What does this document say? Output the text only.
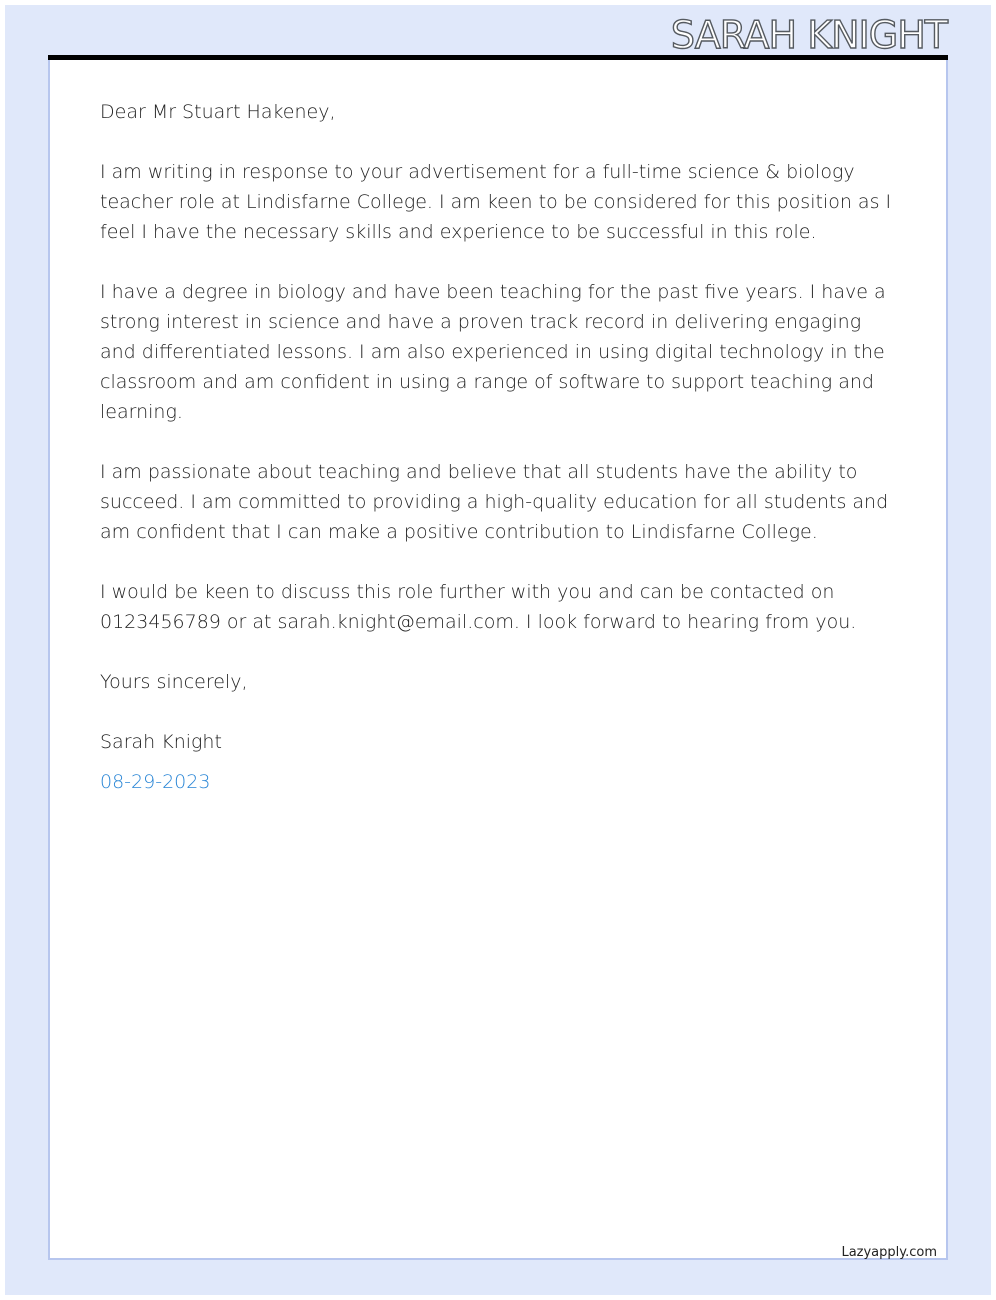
SARAH KNIGHT

Dear Mr Stuart Hakeney,

I am writing in response to your advertisement for a full-time science & biology teacher role at Lindisfarne College. I am keen to be considered for this position as I feel I have the necessary skills and experience to be successful in this role.

I have a degree in biology and have been teaching for the past five years. I have a strong interest in science and have a proven track record in delivering engaging and differentiated lessons. I am also experienced in using digital technology in the classroom and am confident in using a range of software to support teaching and learning.

I am passionate about teaching and believe that all students have the ability to succeed. I am committed to providing a high-quality education for all students and am confident that I can make a positive contribution to Lindisfarne College.

I would be keen to discuss this role further with you and can be contacted on 0123456789 or at sarah.knight@email.com. I look forward to hearing from you.

Yours sincerely,

Sarah Knight

08-29-2023
Lazyapply.com
